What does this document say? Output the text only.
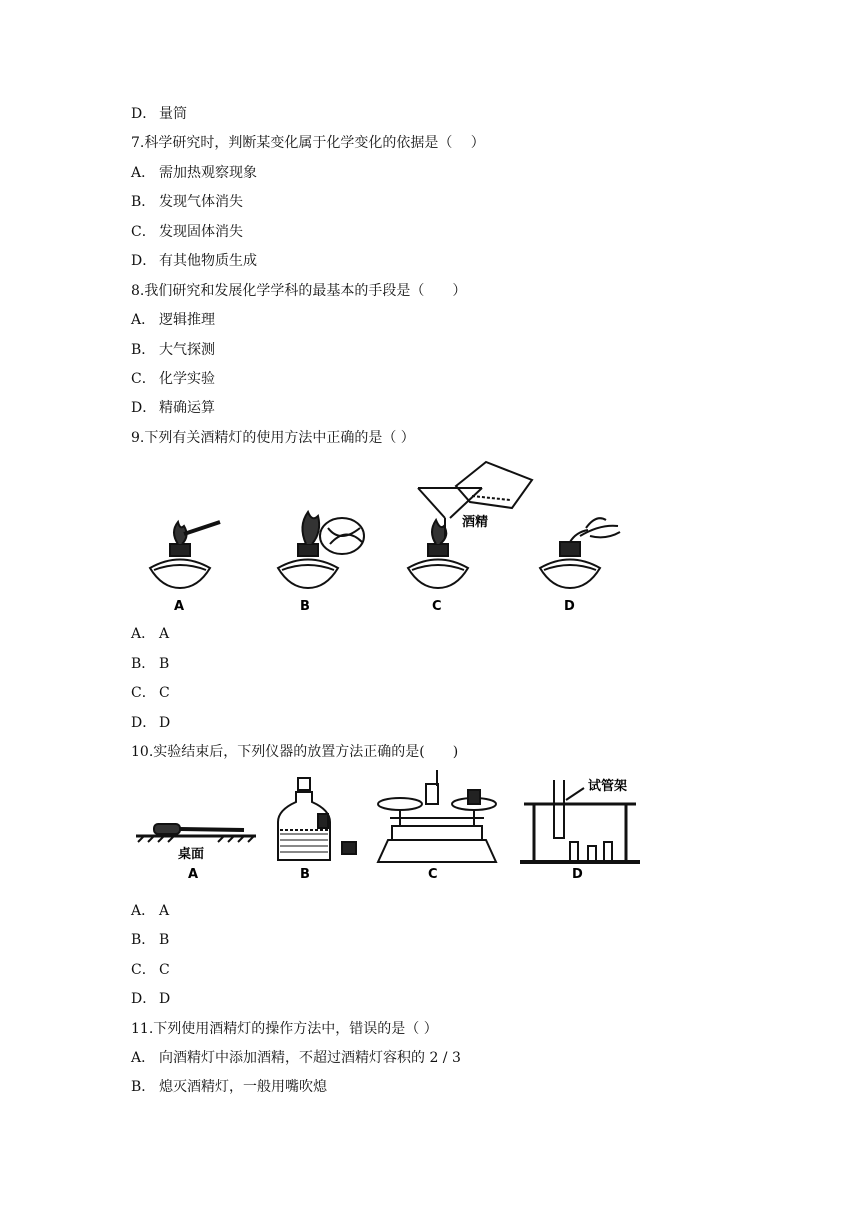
D． 量筒
7.科学研究时，判断某变化属于化学变化的依据是（　 ）
A． 需加热观察现象
B． 发现气体消失
C． 发现固体消失
D． 有其他物质生成
8.我们研究和发展化学学科的最基本的手段是（　　）
A． 逻辑推理
B． 大气探测
C． 化学实验
D． 精确运算
9.下列有关酒精灯的使用方法中正确的是（ ）
酒精
A	B	C	D
A． A
B． B
C． C
D． D
10.实验结束后，下列仪器的放置方法正确的是(　　)
桌面
试管架
A	B	C	D
A． A
B． B
C． C
D． D
11.下列使用酒精灯的操作方法中，错误的是（ ）
A． 向酒精灯中添加酒精，不超过酒精灯容积的 2 / 3
B． 熄灭酒精灯，一般用嘴吹熄
